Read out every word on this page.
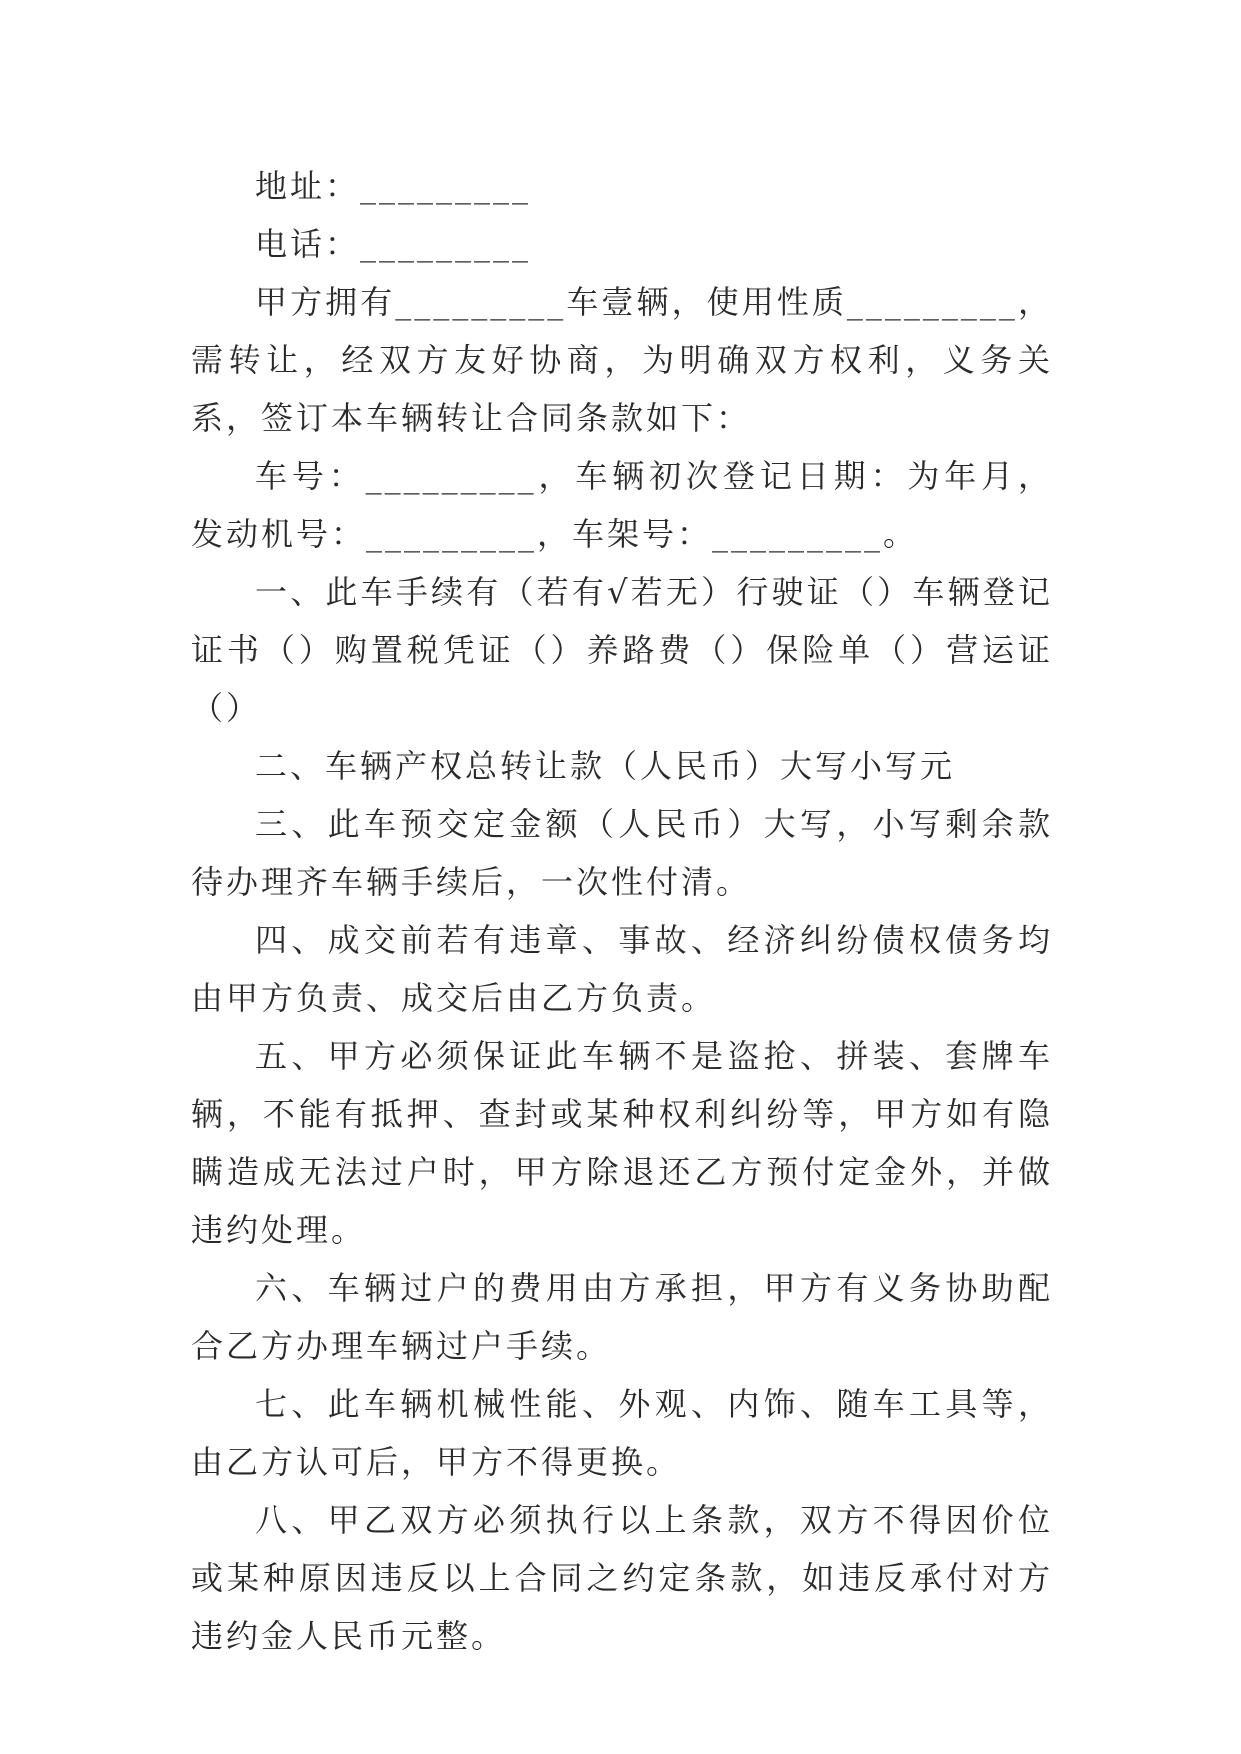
地址：_________

电话：_________

甲方拥有_________车壹辆，使用性质_________，需转让，经双方友好协商，为明确双方权利，义务关系，签订本车辆转让合同条款如下：

车号：_________，车辆初次登记日期：为年月，发动机号：_________，车架号：_________。

一、此车手续有（若有√若无）行驶证（）车辆登记证书（）购置税凭证（）养路费（）保险单（）营运证（）

二、车辆产权总转让款（人民币）大写小写元

三、此车预交定金额（人民币）大写，小写剩余款待办理齐车辆手续后，一次性付清。

四、成交前若有违章、事故、经济纠纷债权债务均由甲方负责、成交后由乙方负责。

五、甲方必须保证此车辆不是盗抢、拼装、套牌车辆，不能有抵押、查封或某种权利纠纷等，甲方如有隐瞒造成无法过户时，甲方除退还乙方预付定金外，并做违约处理。

六、车辆过户的费用由方承担，甲方有义务协助配合乙方办理车辆过户手续。

七、此车辆机械性能、外观、内饰、随车工具等，由乙方认可后，甲方不得更换。

八、甲乙双方必须执行以上条款，双方不得因价位或某种原因违反以上合同之约定条款，如违反承付对方违约金人民币元整。
